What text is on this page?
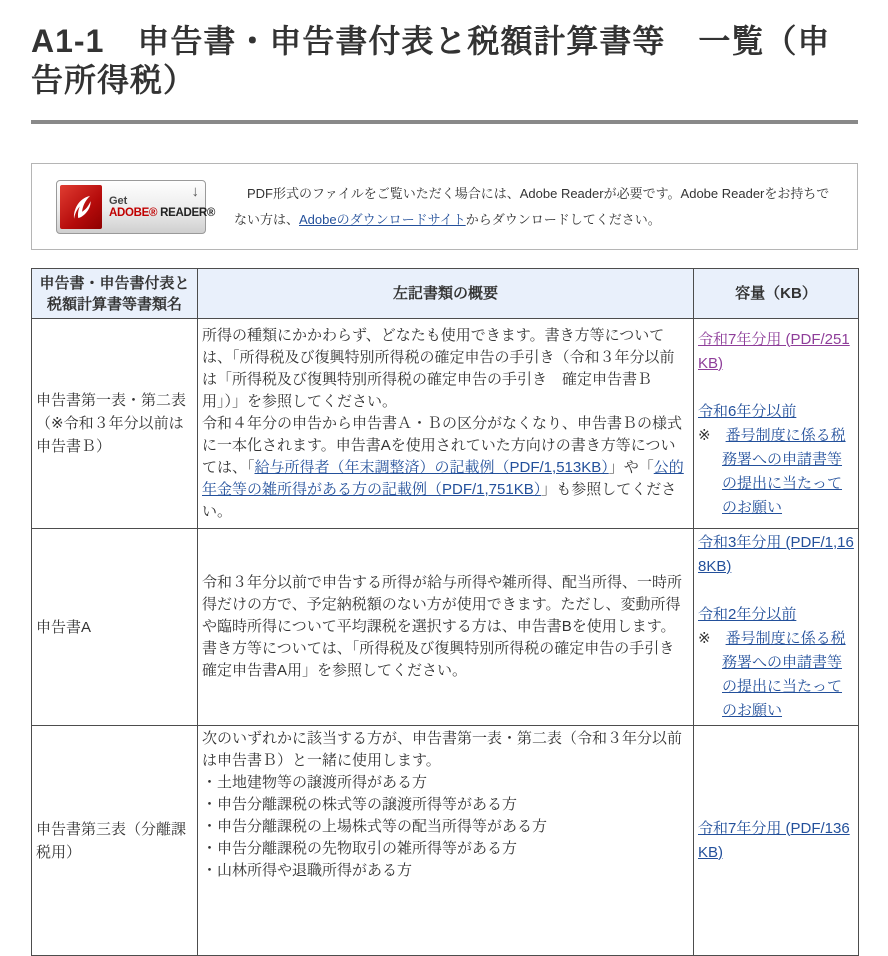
A1-1　申告書・申告書付表と税額計算書等　一覧（申告所得税）
Get
ADOBE® READER®
↓	　PDF形式のファイルをご覧いただく場合には、Adobe Readerが必要です。Adobe Readerをお持ちでない方は、Adobeのダウンロードサイトからダウンロードしてください。

申告書・申告書付表と税額計算書等書類名	左記書類の概要	容量（KB）
申告書第一表・第二表（※令和３年分以前は申告書Ｂ）	所得の種類にかかわらず、どなたも使用できます。書き方等については、「所得税及び復興特別所得税の確定申告の手引き（令和３年分以前は「所得税及び復興特別所得税の確定申告の手引き　確定申告書Ｂ用」）」を参照してください。
令和４年分の申告から申告書Ａ・Ｂの区分がなくなり、申告書Ｂの様式に一本化されます。申告書Aを使用されていた方向けの書き方等については、「給与所得者（年末調整済）の記載例（PDF/1,513KB）」や「公的年金等の雑所得がある方の記載例（PDF/1,751KB）」も参照してください。	令和7年分用 (PDF/251KB)
令和6年分以前
※　番号制度に係る税務署への申請書等の提出に当たってのお願い

申告書A	令和３年分以前で申告する所得が給与所得や雑所得、配当所得、一時所得だけの方で、予定納税額のない方が使用できます。ただし、変動所得や臨時所得について平均課税を選択する方は、申告書Bを使用します。書き方等については、「所得税及び復興特別所得税の確定申告の手引き　確定申告書A用」を参照してください。	令和3年分用 (PDF/1,168KB)
令和2年分以前
※　番号制度に係る税務署への申請書等の提出に当たってのお願い

申告書第三表（分離課税用）	次のいずれかに該当する方が、申告書第一表・第二表（令和３年分以前は申告書Ｂ）と一緒に使用します。
・土地建物等の譲渡所得がある方
・申告分離課税の株式等の譲渡所得等がある方
・申告分離課税の上場株式等の配当所得等がある方
・申告分離課税の先物取引の雑所得等がある方
・山林所得や退職所得がある方	令和7年分用 (PDF/136KB)
